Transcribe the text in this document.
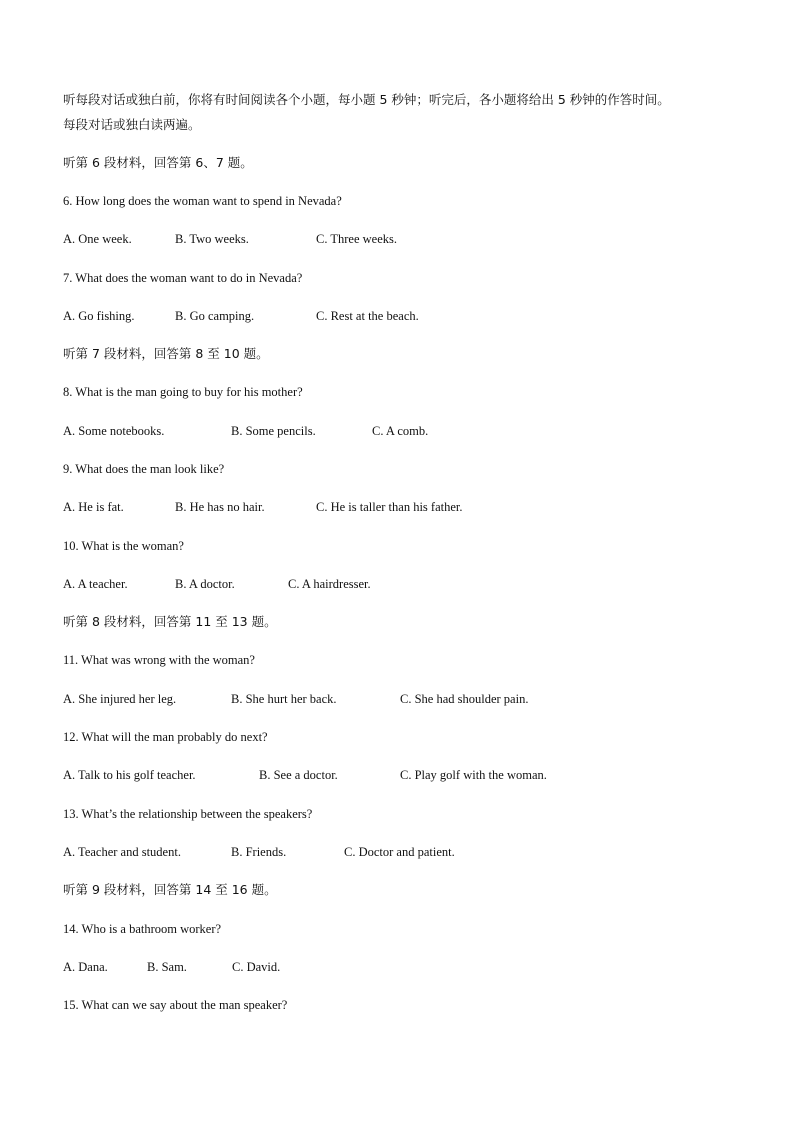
听每段对话或独白前，你将有时间阅读各个小题，每小题 5 秒钟；听完后，各小题将给出 5 秒钟的作答时间。
每段对话或独白读两遍。
听第 6 段材料，回答第 6、7 题。
6. How long does the woman want to spend in Nevada?
A. One week.	B. Two weeks.	C. Three weeks.
7. What does the woman want to do in Nevada?
A. Go fishing.	B. Go camping.	C. Rest at the beach.
听第 7 段材料，回答第 8 至 10 题。
8. What is the man going to buy for his mother?
A. Some notebooks.	B. Some pencils.	C. A comb.
9. What does the man look like?
A. He is fat.	B. He has no hair.	C. He is taller than his father.
10. What is the woman?
A. A teacher.	B. A doctor.	C. A hairdresser.
听第 8 段材料，回答第 11 至 13 题。
11. What was wrong with the woman?
A. She injured her leg.	B. She hurt her back.	C. She had shoulder pain.
12. What will the man probably do next?
A. Talk to his golf teacher.	B. See a doctor.	C. Play golf with the woman.
13. What’s the relationship between the speakers?
A. Teacher and student.	B. Friends.	C. Doctor and patient.
听第 9 段材料，回答第 14 至 16 题。
14. Who is a bathroom worker?
A. Dana.	B. Sam.	C. David.
15. What can we say about the man speaker?
